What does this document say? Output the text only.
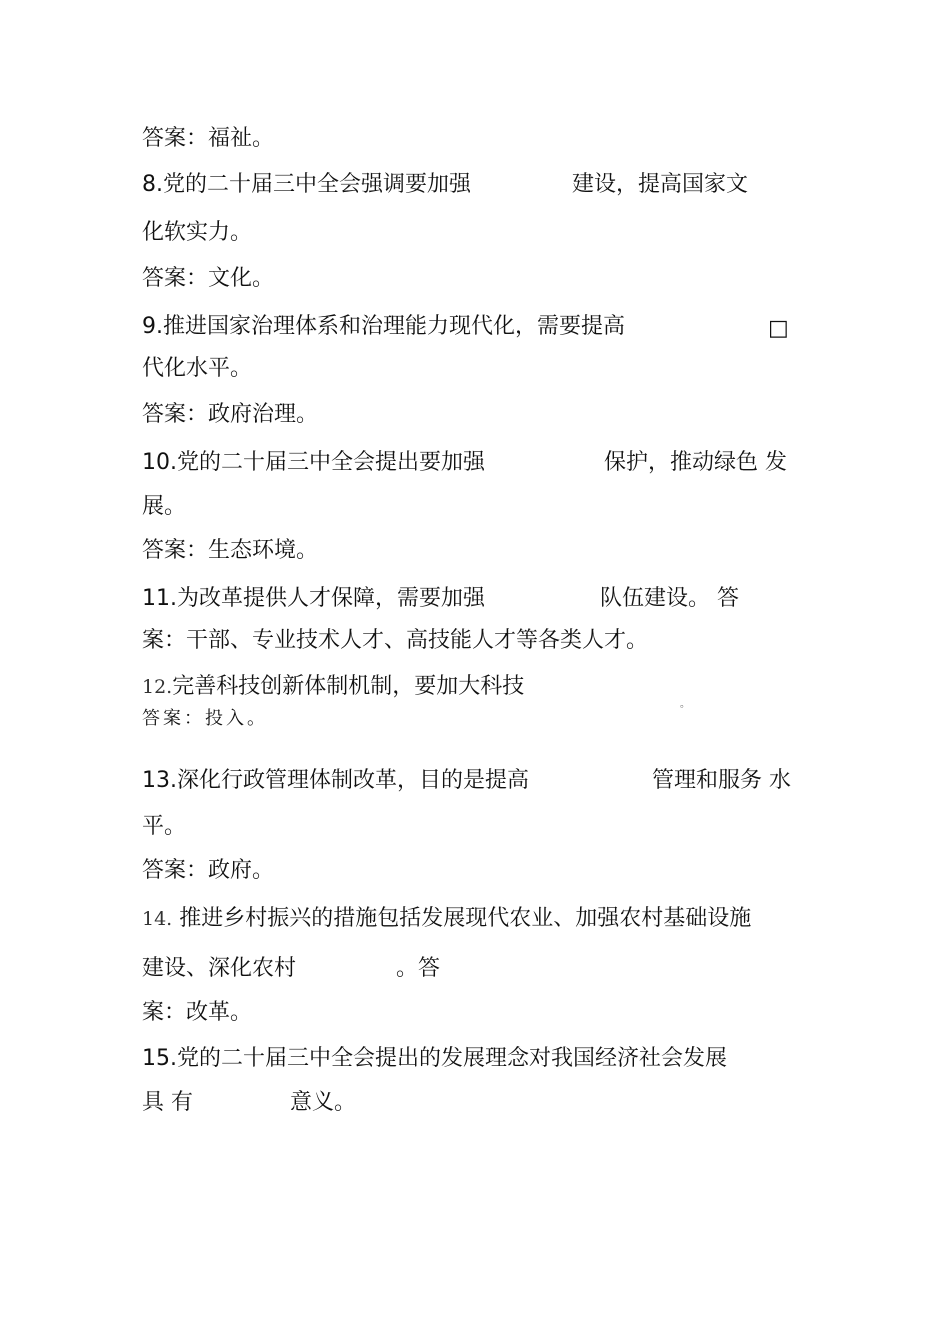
答案：福祉。
8.党的二十届三中全会强调要加强	建设，提高国家文
化软实力。
答案：文化。
9.推进国家治理体系和治理能力现代化，需要提高	□
代化水平。
答案：政府治理。
10.党的二十届三中全会提出要加强	保护，推动绿色 发
展。
答案：生态环境。
11.为改革提供人才保障，需要加强	队伍建设。 答
案：干部、专业技术人才、高技能人才等各类人才。
12.完善科技创新体制机制，要加大科技
。
答案：投入。
13.深化行政管理体制改革，目的是提高	管理和服务 水
平。
答案：政府。
14. 推进乡村振兴的措施包括发展现代农业、加强农村基础设施
建设、深化农村	。答
案：改革。
15.党的二十届三中全会提出的发展理念对我国经济社会发展
具 有	意义。
